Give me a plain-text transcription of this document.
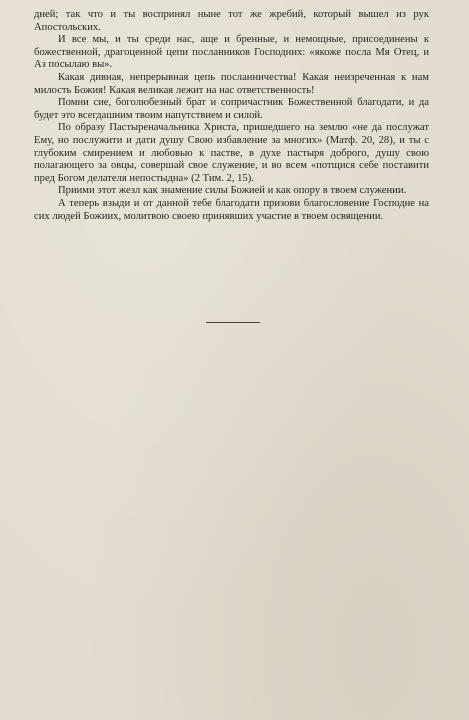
дней; так что и ты воспринял ныне тот же жребий, который вышел из рук Апостольских.

И все мы, и ты среди нас, аще и бренные, и немощные, присоединены к божественной, драгоценной цепи посланников Господних: «якоже посла Мя Отец, и Аз посылаю вы».

Какая дивная, непрерывная цепь посланничества! Какая неизреченная к нам милость Божия! Какая великая лежит на нас ответственность!

Помни сие, боголюбезный брат и сопричастник Божественной благодати, и да будет это всегдашним твоим напутствием и силой.

По образу Пастыреначальника Христа, пришедшего на землю «не да послужат Ему, но послужити и дати душу Свою избавление за многих» (Матф. 20, 28), и ты с глубоким смирением и любовью к пастве, в духе пастыря доброго, душу свою полагающего за овцы, совершай свое служение, и во всем «потщися себе поставити пред Богом делателя непостыдна» (2 Тим. 2, 15).

Приими этот жезл как знамение силы Божией и как опору в твоем служении.

А теперь взыди и от данной тебе благодати призови благословение Господне на сих людей Божиих, молитвою своею принявших участие в твоем освящении.
